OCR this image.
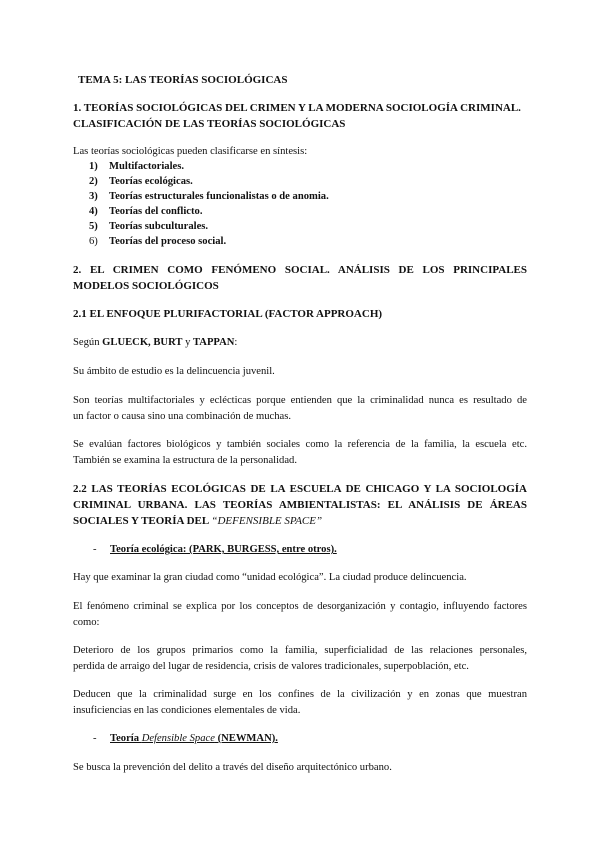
TEMA 5: LAS TEORÍAS SOCIOLÓGICAS
1. TEORÍAS SOCIOLÓGICAS DEL CRIMEN Y LA MODERNA SOCIOLOGÍA CRIMINAL.
CLASIFICACIÓN DE LAS TEORÍAS SOCIOLÓGICAS
Las teorías sociológicas pueden clasificarse en síntesis:
1) Multifactoriales.
2) Teorías ecológicas.
3) Teorías estructurales funcionalistas o de anomia.
4) Teorías del conflicto.
5) Teorías subculturales.
6) Teorías del proceso social.
2. EL CRIMEN COMO FENÓMENO SOCIAL. ANÁLISIS DE LOS PRINCIPALES
MODELOS SOCIOLÓGICOS
2.1 EL ENFOQUE PLURIFACTORIAL (FACTOR APPROACH)
Según GLUECK, BURT y TAPPAN:
Su ámbito de estudio es la delincuencia juvenil.
Son teorías multifactoriales y eclécticas porque entienden que la criminalidad nunca es resultado de
un factor o causa sino una combinación de muchas.
Se evalúan factores biológicos y también sociales como la referencia de la familia, la escuela etc.
También se examina la estructura de la personalidad.
2.2 LAS TEORÍAS ECOLÓGICAS DE LA ESCUELA DE CHICAGO Y LA SOCIOLOGÍA
CRIMINAL URBANA. LAS TEORÍAS AMBIENTALISTAS: EL ANÁLISIS DE ÁREAS
SOCIALES Y TEORÍA DEL “DEFENSIBLE SPACE”
- Teoría ecológica: (PARK, BURGESS, entre otros).
Hay que examinar la gran ciudad como “unidad ecológica”. La ciudad produce delincuencia.
El fenómeno criminal se explica por los conceptos de desorganización y contagio, influyendo factores
como:
Deterioro de los grupos primarios como la familia, superficialidad de las relaciones personales,
perdida de arraigo del lugar de residencia, crisis de valores tradicionales, superpoblación, etc.
Deducen que la criminalidad surge en los confines de la civilización y en zonas que muestran
insuficiencias en las condiciones elementales de vida.
- Teoría Defensible Space (NEWMAN).
Se busca la prevención del delito a través del diseño arquitectónico urbano.
